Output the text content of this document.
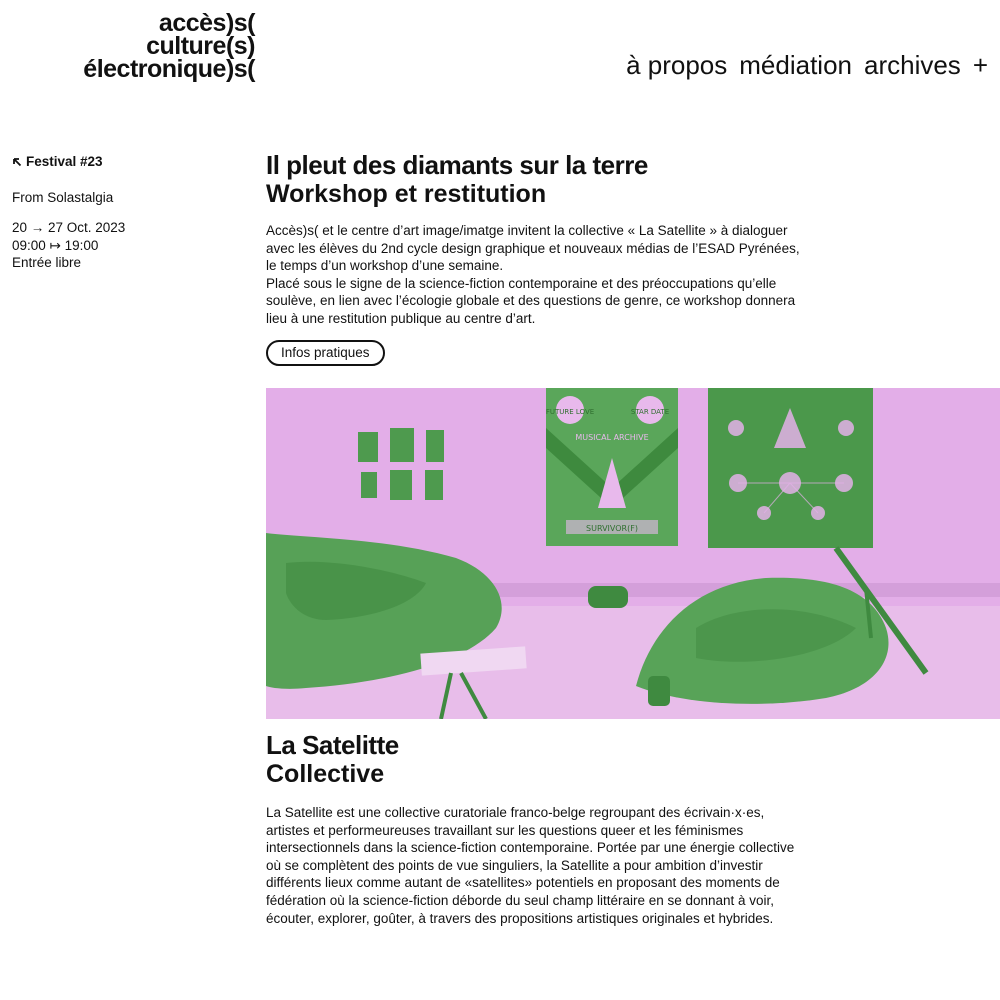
accès)s(
culture(s)
électronique)s(	à propos médiation archives +
Festival #23
From Solastalgia
20 → 27 Oct. 2023
09:00 ↦ 19:00
Entrée libre
Il pleut des diamants sur la terre
Workshop et restitution

Accès)s( et le centre d’art image/imatge invitent la collective « La Satellite » à dialoguer avec les élèves du 2nd cycle design graphique et nouveaux médias de l’ESAD Pyrénées, le temps d’un workshop d’une semaine.

Placé sous le signe de la science-fiction contemporaine et des préoccupations qu’elle soulève, en lien avec l’écologie globale et des questions de genre, ce workshop donnera lieu à une restitution publique au centre d’art.

Infos pratiques
FUTURE LOVE	STAR DATE
MUSICAL ARCHIVE
SURVIVOR(F)
La Satelitte
Collective

La Satellite est une collective curatoriale franco-belge regroupant des écrivain·x·es, artistes et performeureuses travaillant sur les questions queer et les féminismes intersectionnels dans la science-fiction contemporaine. Portée par une énergie collective où se complètent des points de vue singuliers, la Satellite a pour ambition d’investir différents lieux comme autant de «satellites» potentiels en proposant des moments de fédération où la science-fiction déborde du seul champ littéraire en se donnant à voir, écouter, explorer, goûter, à travers des propositions artistiques originales et hybrides.
